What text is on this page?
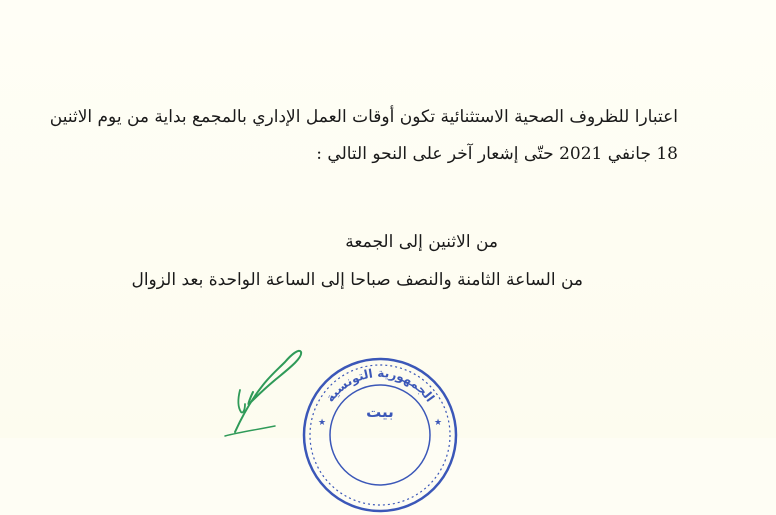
اعتبارا للظروف الصحية الاستثنائية تكون أوقات العمل الإداري بالمجمع بداية من يوم الاثنين
18 جانفي 2021 حتّى إشعار آخر على النحو التالي :
من الاثنين إلى الجمعة
من الساعة الثامنة والنصف صباحا إلى الساعة الواحدة بعد الزوال
الجمهورية التونسية
بيت
★	★
